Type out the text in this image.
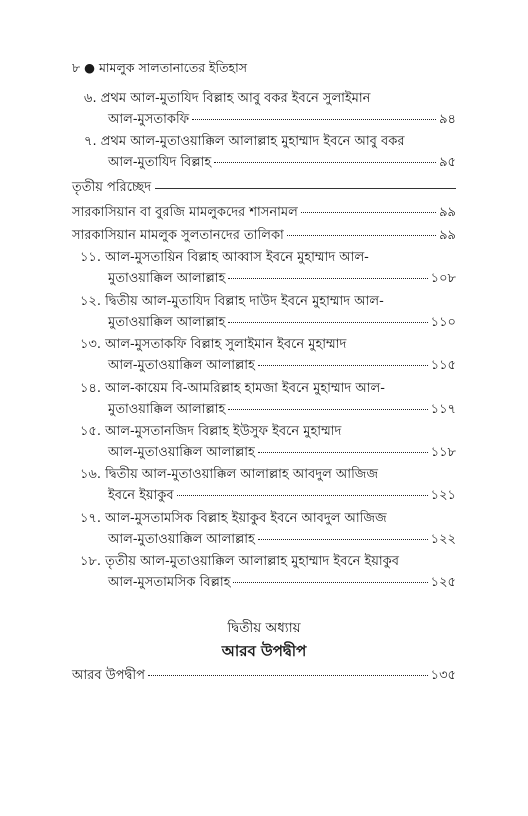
৮ ● মামলুক সালতানাতের ইতিহাস
৬. প্রথম আল-মুতাযিদ বিল্লাহ আবু বকর ইবনে সুলাইমান
আল-মুসতাকফি	৯৪
৭. প্রথম আল-মুতাওয়াক্কিল আলাল্লাহ মুহাম্মাদ ইবনে আবু বকর
আল-মুতাযিদ বিল্লাহ	৯৫
তৃতীয় পরিচ্ছেদ
সারকাসিয়ান বা বুরজি মামলুকদের শাসনামল	৯৯
সারকাসিয়ান মামলুক সুলতানদের তালিকা	৯৯
১১. আল-মুসতায়িন বিল্লাহ আব্বাস ইবনে মুহাম্মাদ আল-
মুতাওয়াক্কিল আলাল্লাহ	১০৮
১২. দ্বিতীয় আল-মুতাযিদ বিল্লাহ দাউদ ইবনে মুহাম্মাদ আল-
মুতাওয়াক্কিল আলাল্লাহ	১১০
১৩. আল-মুসতাকফি বিল্লাহ সুলাইমান ইবনে মুহাম্মাদ
আল-মুতাওয়াক্কিল আলাল্লাহ	১১৫
১৪. আল-কায়েম বি-আমরিল্লাহ হামজা ইবনে মুহাম্মাদ আল-
মুতাওয়াক্কিল আলাল্লাহ	১১৭
১৫. আল-মুসতানজিদ বিল্লাহ ইউসুফ ইবনে মুহাম্মাদ
আল-মুতাওয়াক্কিল আলাল্লাহ	১১৮
১৬. দ্বিতীয় আল-মুতাওয়াক্কিল আলাল্লাহ আবদুল আজিজ
ইবনে ইয়াকুব	১২১
১৭. আল-মুসতামসিক বিল্লাহ ইয়াকুব ইবনে আবদুল আজিজ
আল-মুতাওয়াক্কিল আলাল্লাহ	১২২
১৮. তৃতীয় আল-মুতাওয়াক্কিল আলাল্লাহ মুহাম্মাদ ইবনে ইয়াকুব
আল-মুসতামসিক বিল্লাহ	১২৫
দ্বিতীয় অধ্যায়
আরব উপদ্বীপ
আরব উপদ্বীপ	১৩৫
